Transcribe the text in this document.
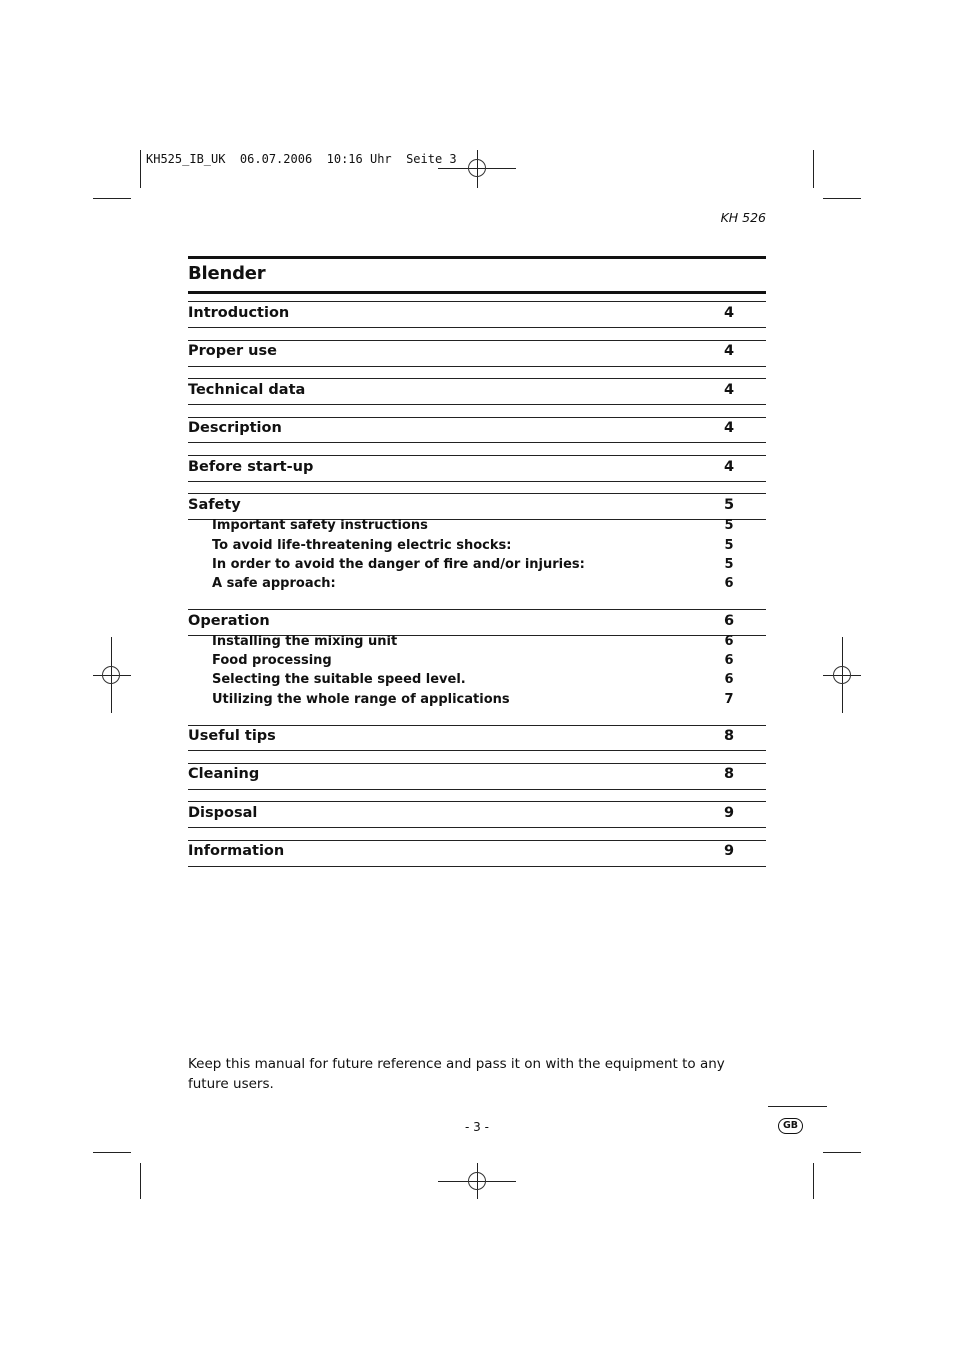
KH525_IB_UK  06.07.2006  10:16 Uhr  Seite 3
KH 526
Blender
Introduction	4
Proper use	4
Technical data	4
Description	4
Before start-up	4
Safety	5
Important safety instructions	5
To avoid life-threatening electric shocks:	5
In order to avoid the danger of fire and/or injuries:	5
A safe approach:	6
Operation	6
Installing the mixing unit	6
Food processing	6
Selecting the suitable speed level.	6
Utilizing the whole range of applications	7
Useful tips	8
Cleaning	8
Disposal	9
Information	9
Keep this manual for future reference and pass it on with the equipment to any future users.
- 3 -	GB
